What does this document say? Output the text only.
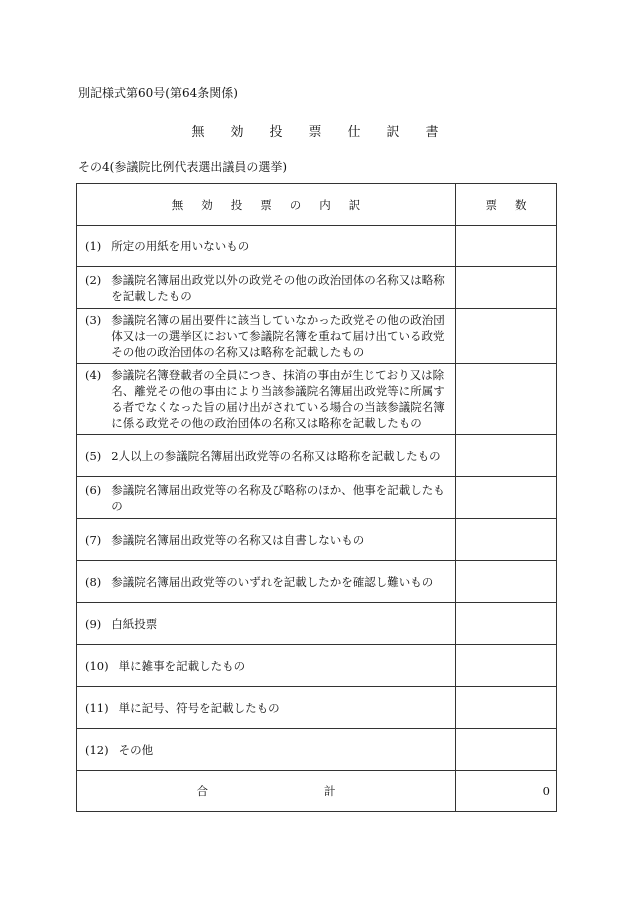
別記様式第60号(第64条関係)
無 効 投 票 仕 訳 書
その4(参議院比例代表選出議員の選挙)
無 効 投 票 の 内 訳	票 数

(1) 所定の用紙を用いないもの	

(2) 参議院名簿届出政党以外の政党その他の政治団体の名称又は略称を記載したもの	

(3) 参議院名簿の届出要件に該当していなかった政党その他の政治団体又は一の選挙区において参議院名簿を重ねて届け出ている政党その他の政治団体の名称又は略称を記載したもの	

(4) 参議院名簿登載者の全員につき、抹消の事由が生じており又は除名、離党その他の事由により当該参議院名簿届出政党等に所属する者でなくなった旨の届け出がされている場合の当該参議院名簿に係る政党その他の政治団体の名称又は略称を記載したもの	

(5) 2人以上の参議院名簿届出政党等の名称又は略称を記載したもの	

(6) 参議院名簿届出政党等の名称及び略称のほか、他事を記載したもの	

(7) 参議院名簿届出政党等の名称又は自書しないもの	

(8) 参議院名簿届出政党等のいずれを記載したかを確認し難いもの	

(9) 白紙投票	

(10) 単に雑事を記載したもの	

(11) 単に記号、符号を記載したもの	

(12) その他	

合 計	0
